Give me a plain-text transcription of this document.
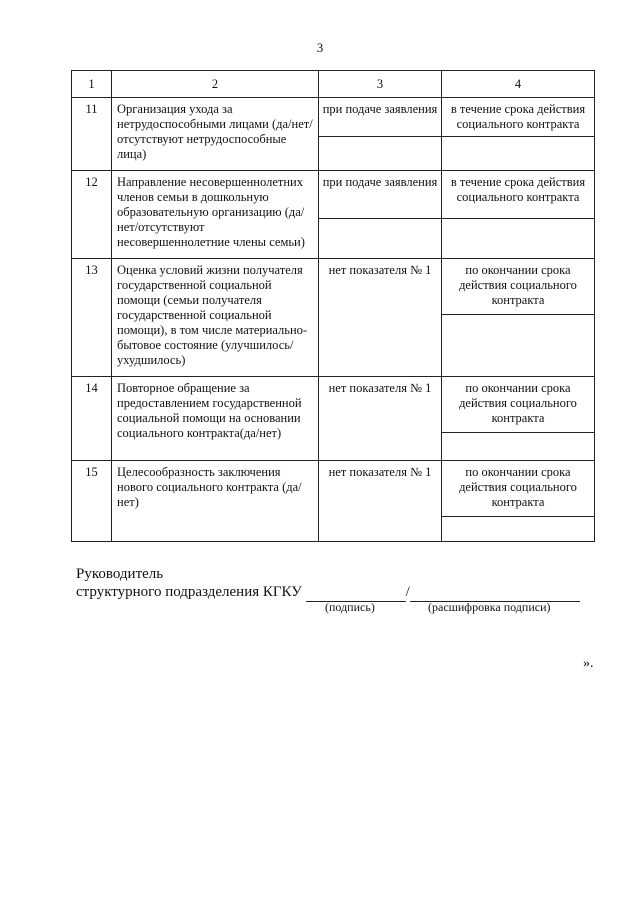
3
1	2	3	4
11	Организация ухода за нетрудоспособными лицами (да/нет/ отсутствуют нетрудоспособные лица)	при подаче заявления	в течение срока действия социального контракта

12	Направление несовершеннолетних членов семьи в дошкольную образовательную организацию (да/нет/отсутствуют несовершеннолетние члены семьи)	при подаче заявления	в течение срока действия социального контракта

13	Оценка условий жизни получателя государственной социальной помощи (семьи получателя государственной социальной помощи), в том числе материально-бытовое состояние (улучшилось/ухудшилось)	нет показателя № 1	по окончании срока действия социального контракта

14	Повторное обращение за предоставлением государственной социальной помощи на основании социального контракта(да/нет)	нет показателя № 1	по окончании срока действия социального контракта

15	Целесообразность заключения нового социального контракта (да/нет)	нет показателя № 1	по окончании срока действия социального контракта
Руководитель
структурного подразделения КГКУ	/
(подпись)	(расшифровка подписи)
».
